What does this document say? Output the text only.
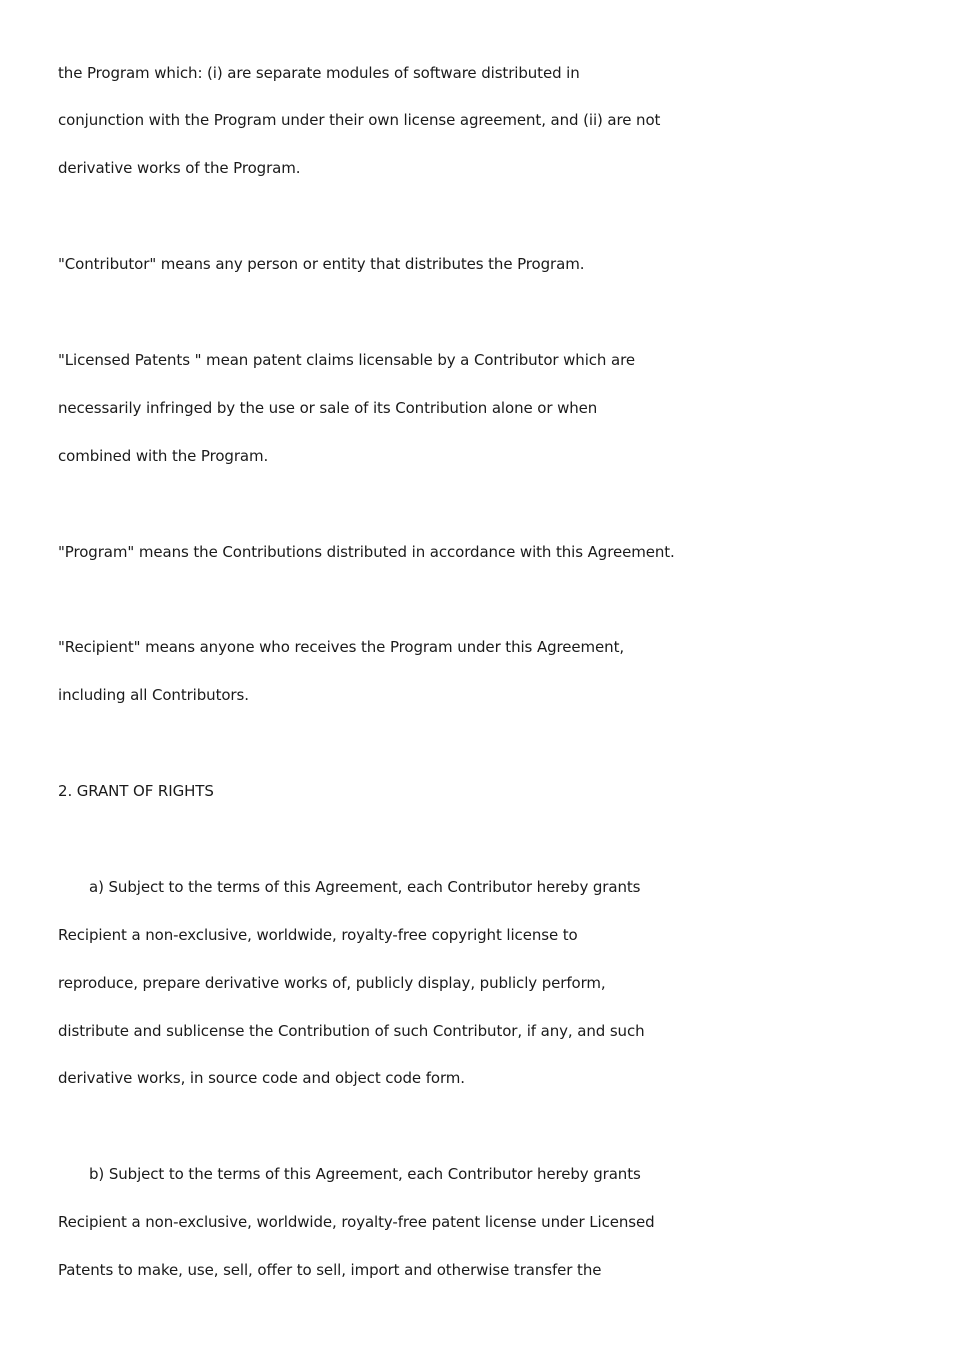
the Program which: (i) are separate modules of software distributed in
conjunction with the Program under their own license agreement, and (ii) are not
derivative works of the Program.
"Contributor" means any person or entity that distributes the Program.
"Licensed Patents " mean patent claims licensable by a Contributor which are
necessarily infringed by the use or sale of its Contribution alone or when
combined with the Program.
"Program" means the Contributions distributed in accordance with this Agreement.
"Recipient" means anyone who receives the Program under this Agreement,
including all Contributors.
2. GRANT OF RIGHTS
a) Subject to the terms of this Agreement, each Contributor hereby grants
Recipient a non-exclusive, worldwide, royalty-free copyright license to
reproduce, prepare derivative works of, publicly display, publicly perform,
distribute and sublicense the Contribution of such Contributor, if any, and such
derivative works, in source code and object code form.
b) Subject to the terms of this Agreement, each Contributor hereby grants
Recipient a non-exclusive, worldwide, royalty-free patent license under Licensed
Patents to make, use, sell, offer to sell, import and otherwise transfer the
